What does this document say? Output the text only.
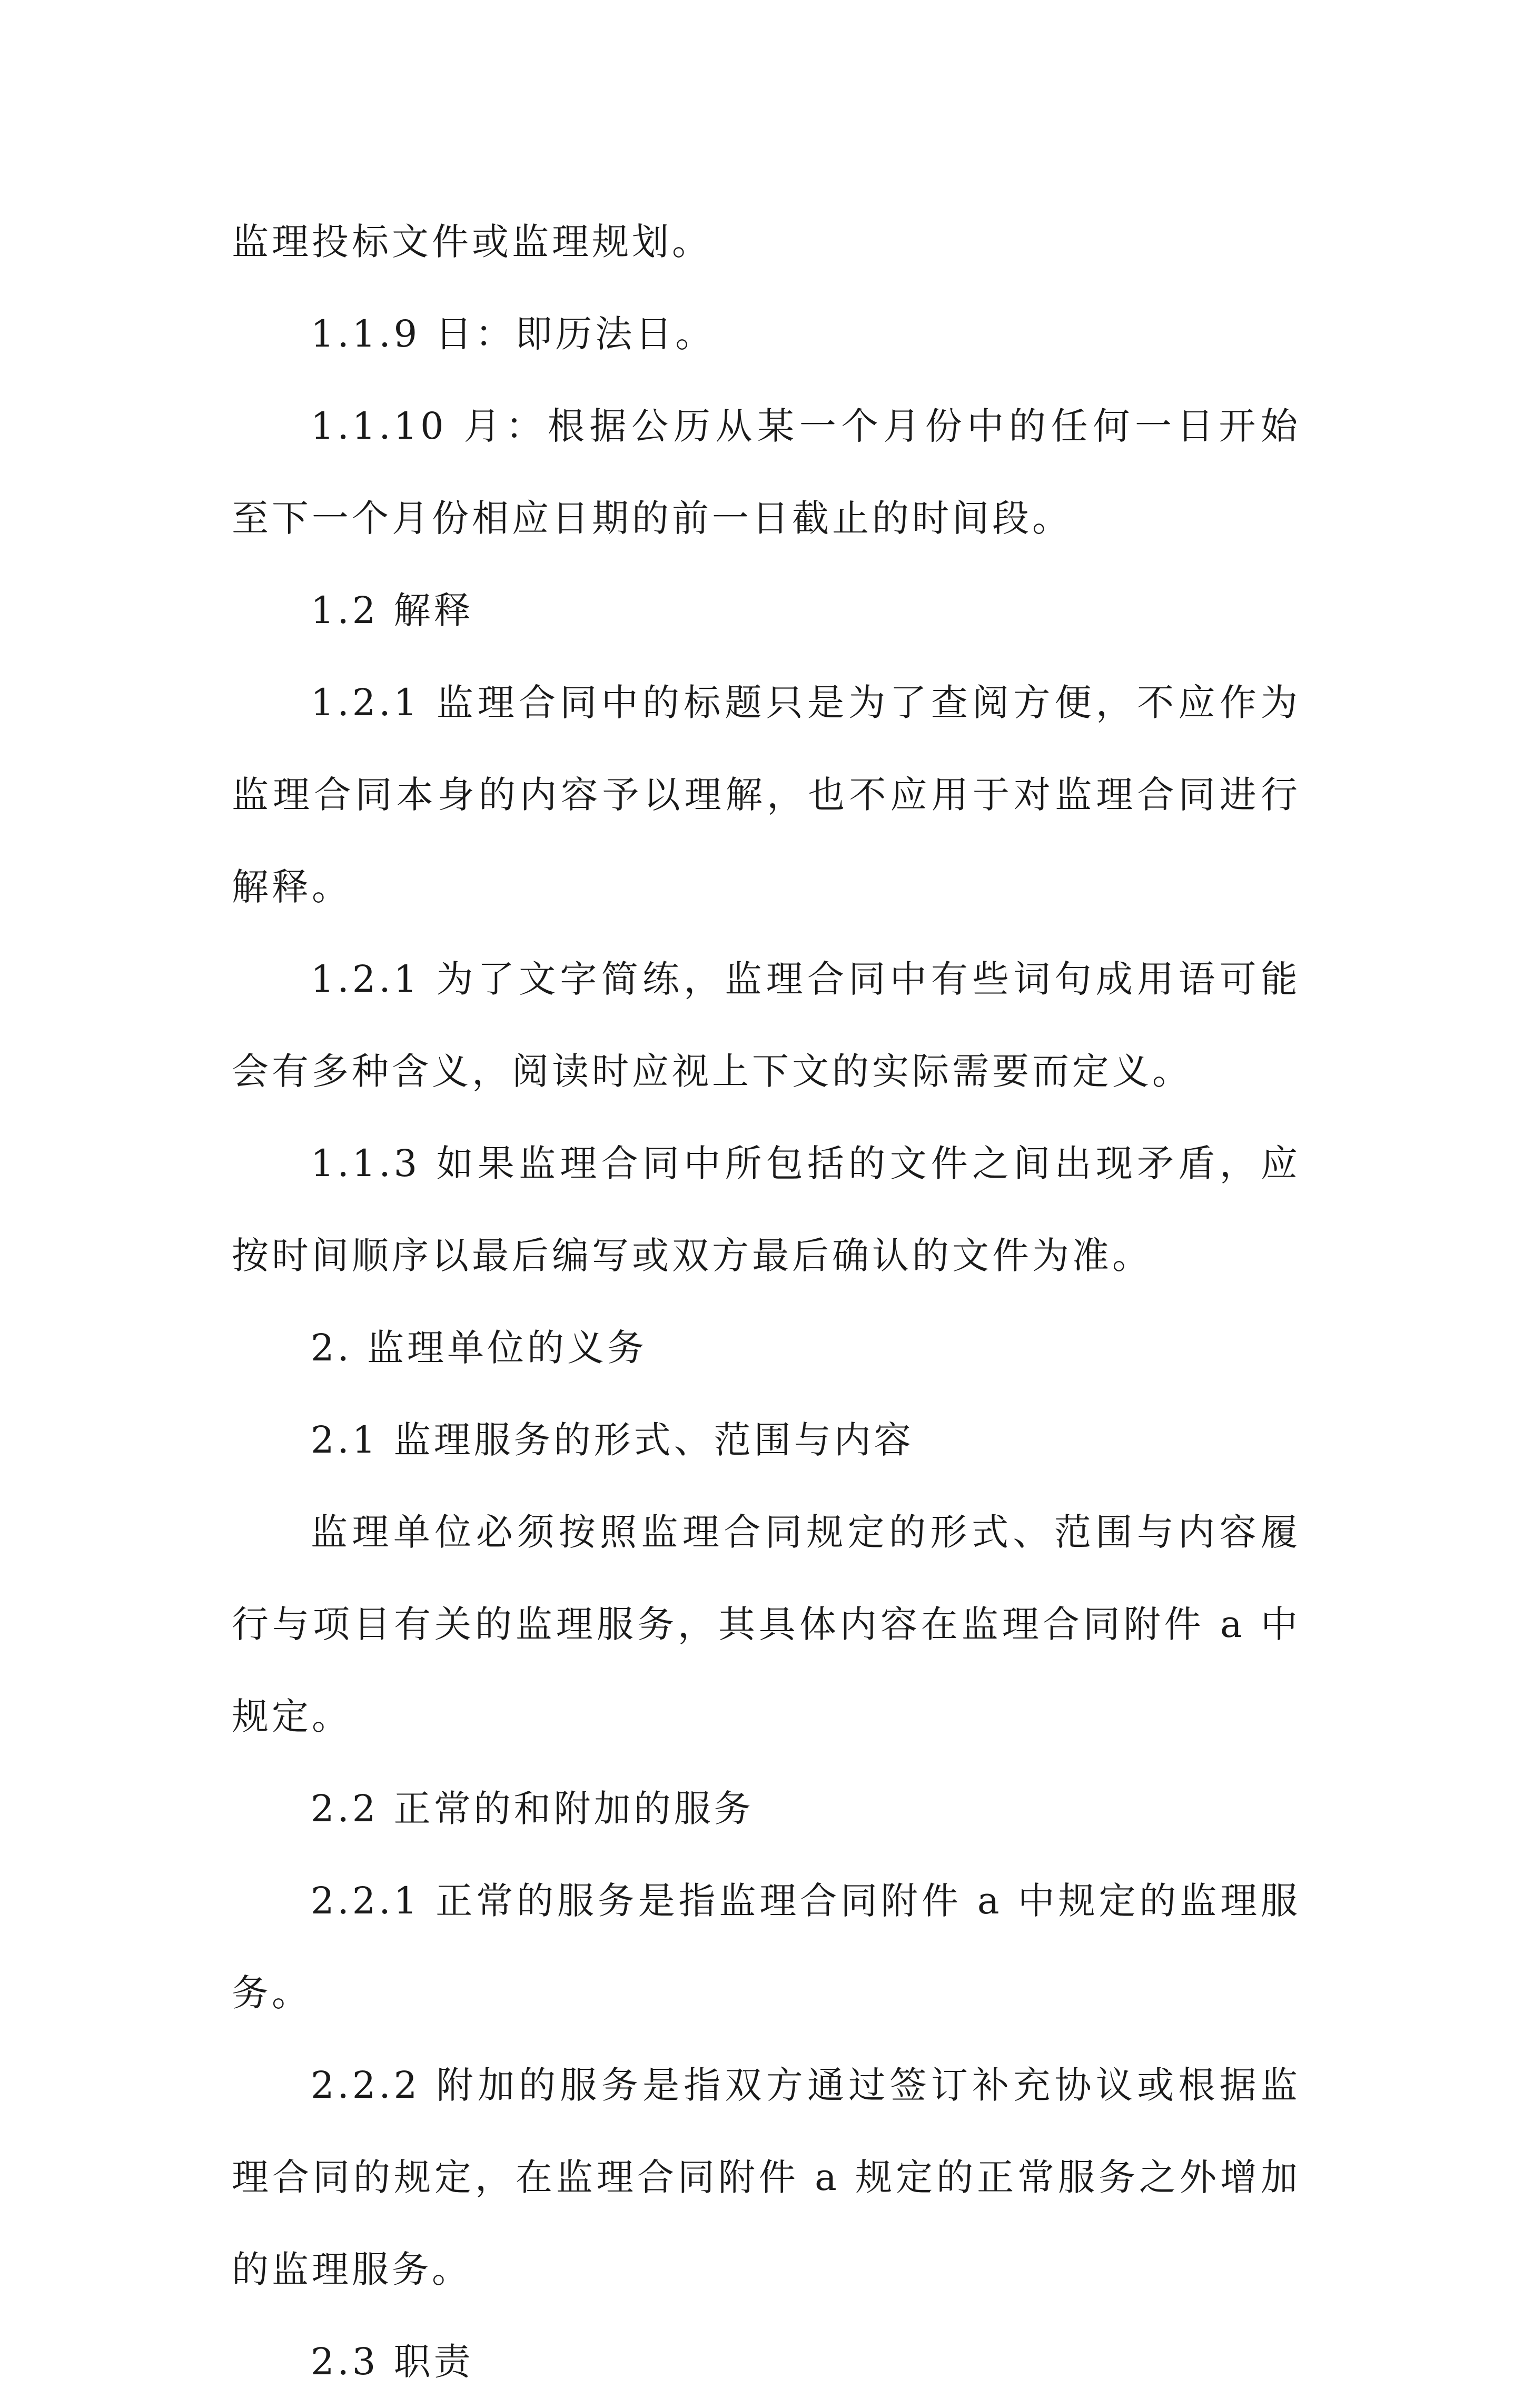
监理投标文件或监理规划。

1.1.9 日：即历法日。

1.1.10 月：根据公历从某一个月份中的任何一日开始至下一个月份相应日期的前一日截止的时间段。

1.2 解释

1.2.1 监理合同中的标题只是为了查阅方便，不应作为监理合同本身的内容予以理解，也不应用于对监理合同进行解释。

1.2.1 为了文字简练，监理合同中有些词句成用语可能会有多种含义，阅读时应视上下文的实际需要而定义。

1.1.3 如果监理合同中所包括的文件之间出现矛盾，应按时间顺序以最后编写或双方最后确认的文件为准。

2. 监理单位的义务

2.1 监理服务的形式、范围与内容

监理单位必须按照监理合同规定的形式、范围与内容履行与项目有关的监理服务，其具体内容在监理合同附件 a 中规定。

2.2 正常的和附加的服务

2.2.1 正常的服务是指监理合同附件 a 中规定的监理服务。

2.2.2 附加的服务是指双方通过签订补充协议或根据监理合同的规定，在监理合同附件 a 规定的正常服务之外增加的监理服务。

2.3 职责
